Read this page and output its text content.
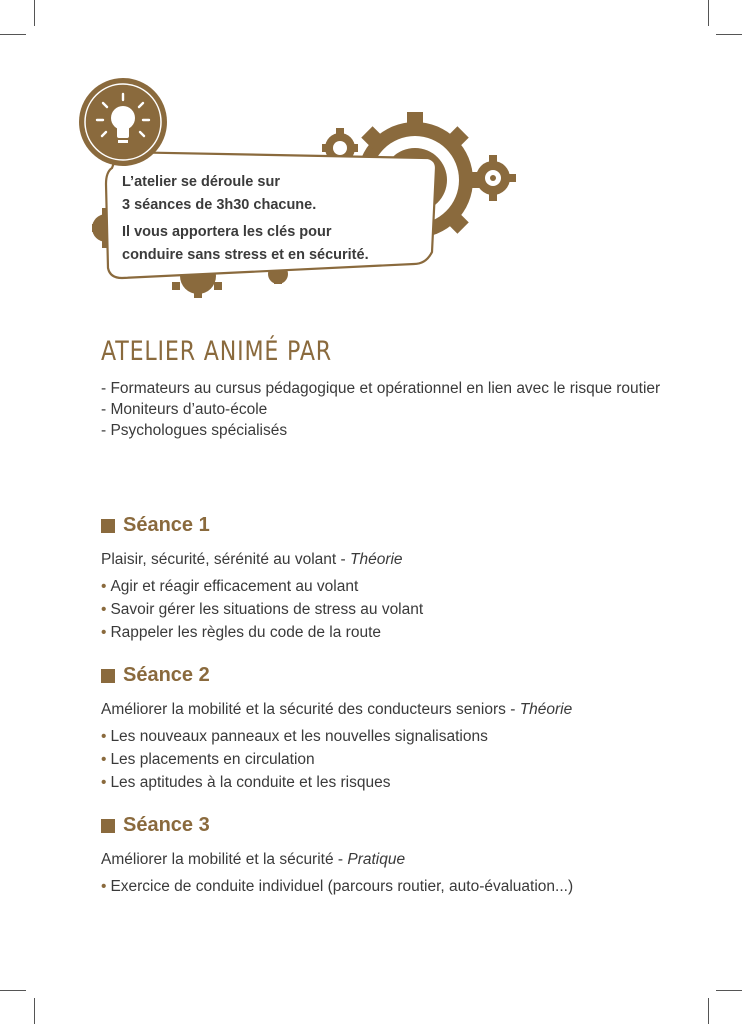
L’atelier se déroule sur

3 séances de 3h30 chacune.

Il vous apportera les clés pour

conduire sans stress et en sécurité.

ATELIER ANIMÉ PAR
- Formateurs au cursus pédagogique et opérationnel en lien avec le risque routier
- Moniteurs d’auto-école
- Psychologues spécialisés
Séance 1

Plaisir, sécurité, sérénité au volant - Théorie

• Agir et réagir efficacement au volant
• Savoir gérer les situations de stress au volant
• Rappeler les règles du code de la route
Séance 2

Améliorer la mobilité et la sécurité des conducteurs seniors - Théorie

• Les nouveaux panneaux et les nouvelles signalisations
• Les placements en circulation
• Les aptitudes à la conduite et les risques
Séance 3

Améliorer la mobilité et la sécurité - Pratique

• Exercice de conduite individuel (parcours routier, auto-évaluation...)
